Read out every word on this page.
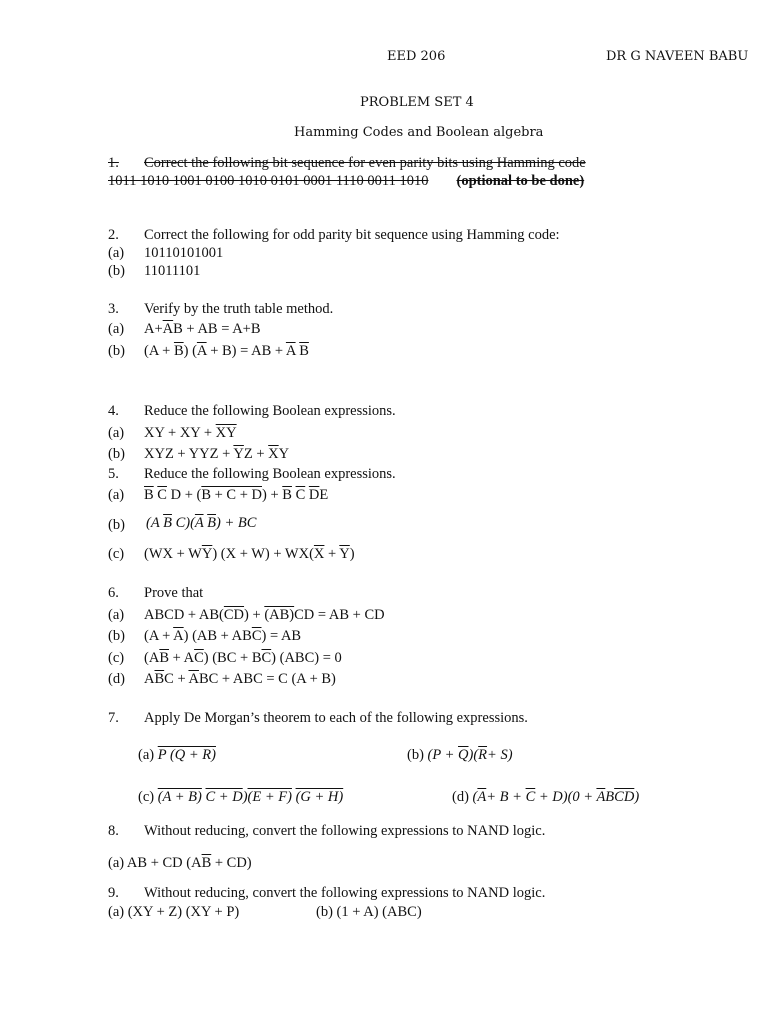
EED 206	DR G NAVEEN BABU
PROBLEM SET 4
Hamming Codes and Boolean algebra
1. Correct the following bit sequence for even parity bits using Hamming code
1011 1010 1001 0100 1010 0101 0001 1110 0011 1010 (optional to be done)
2. Correct the following for odd parity bit sequence using Hamming code:
(a) 10110101001
(b) 11011101
3. Verify by the truth table method.
(a) $A+\overline{A}B$ + AB = A+B
(b) $(A + \overline{B})$ $(\overline{A} + B)$ = AB + $\overline{A}$ $\overline{B}$
4. Reduce the following Boolean expressions.
(a) XY + XY + $\overline{XY}$
(b) XYZ + YYZ + $\overline{Y}Z + \overline{X}Y$
5. Reduce the following Boolean expressions.
(a) $\overline{B}$ $\overline{C}$ $D + (B + C + D) + \overline{B}$ $\overline{C}$ $\overline{D}E$
(b) (A $\overline{B}$ $C)(\overline{A}$ $\overline{B}$) + BC
(c) $(WX + W\overline{Y})$ $(X + W) + WX(\overline{X} + \overline{Y})$
6. Prove that
(a) ABCD + $AB(\overline{CD}) + (AB)CD$ = AB + CD
(b) $(A + \overline{A})$ $(AB + AB\overline{C})$ = AB
(c) $(A\overline{B} + A\overline{C}) (BC + B\overline{C}) (ABC) = 0$
(d) $A\overline{B}C + \overline{A}BC$ + ABC = C (A + B)
7. Apply De Morgan’s theorem to each of the following expressions.
(a) P (Q + R)	(b) $(P + \overline{Q})(\overline{R}+ S)$
(c) (A + B) C + D)(E + F) (G + H)	(d) $(\overline{A}+ B + \overline{C} + D)(0 + \overline{A}B\overline{CD})$
8. Without reducing, convert the following expressions to NAND logic.
(a) AB + CD $(A\overline{B} + CD)$
9. Without reducing, convert the following expressions to NAND logic.
(a) (XY + Z) (XY + P)	(b) (1 + A) (ABC)
